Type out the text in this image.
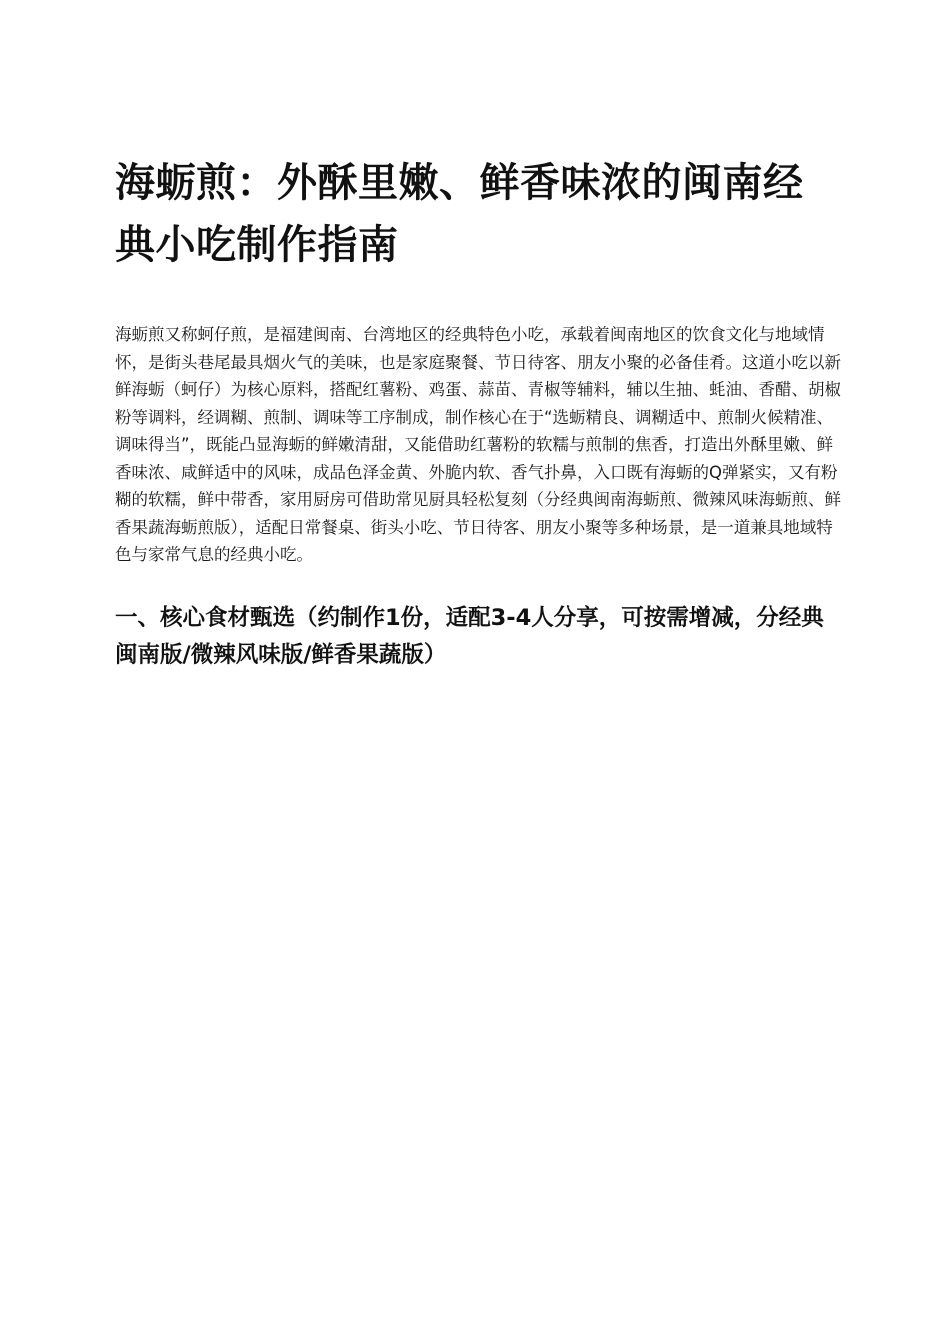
海蛎煎：外酥里嫩、鲜香味浓的闽南经典小吃制作指南

海蛎煎又称蚵仔煎，是福建闽南、台湾地区的经典特色小吃，承载着闽南地区的饮食文化与地域情怀，是街头巷尾最具烟火气的美味，也是家庭聚餐、节日待客、朋友小聚的必备佳肴。这道小吃以新鲜海蛎（蚵仔）为核心原料，搭配红薯粉、鸡蛋、蒜苗、青椒等辅料，辅以生抽、蚝油、香醋、胡椒粉等调料，经调糊、煎制、调味等工序制成，制作核心在于“选蛎精良、调糊适中、煎制火候精准、调味得当”，既能凸显海蛎的鲜嫩清甜，又能借助红薯粉的软糯与煎制的焦香，打造出外酥里嫩、鲜香味浓、咸鲜适中的风味，成品色泽金黄、外脆内软、香气扑鼻，入口既有海蛎的Q弹紧实，又有粉糊的软糯，鲜中带香，家用厨房可借助常见厨具轻松复刻（分经典闽南海蛎煎、微辣风味海蛎煎、鲜香果蔬海蛎煎版），适配日常餐桌、街头小吃、节日待客、朋友小聚等多种场景，是一道兼具地域特色与家常气息的经典小吃。

一、核心食材甄选（约制作1份，适配3-4人分享，可按需增减，分经典闽南版/微辣风味版/鲜香果蔬版）
